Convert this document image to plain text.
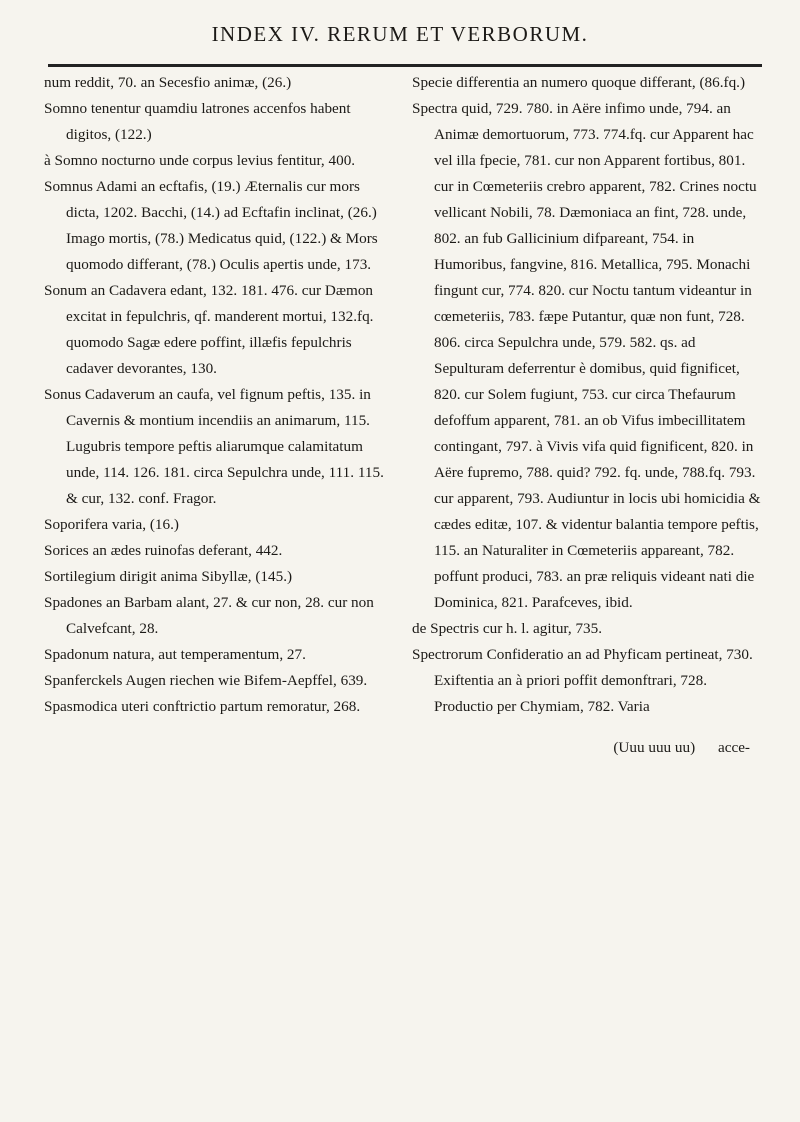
INDEX IV. RERUM ET VERBORUM.

num reddit, 70. an Secesfio animæ, (26.)

Somno tenentur quamdiu latrones accenfos habent digitos, (122.)

à Somno nocturno unde corpus levius fentitur, 400.

Somnus Adami an ecftafis, (19.) Æternalis cur mors dicta, 1202. Bacchi, (14.) ad Ecftafin inclinat, (26.) Imago mortis, (78.) Medicatus quid, (122.) & Mors quomodo differant, (78.) Oculis apertis unde, 173.

Sonum an Cadavera edant, 132. 181. 476. cur Dæmon excitat in fepulchris, qf. manderent mortui, 132.fq. quomodo Sagæ edere poffint, illæfis fepulchris cadaver devorantes, 130.

Sonus Cadaverum an caufa, vel fignum peftis, 135. in Cavernis & montium incendiis an animarum, 115. Lugubris tempore peftis aliarumque calamitatum unde, 114. 126. 181. circa Sepulchra unde, 111. 115. & cur, 132. conf. Fragor.

Soporifera varia, (16.)

Sorices an ædes ruinofas deferant, 442.

Sortilegium dirigit anima Sibyllæ, (145.)

Spadones an Barbam alant, 27. & cur non, 28. cur non Calvefcant, 28.

Spadonum natura, aut temperamentum, 27.

Spanferckels Augen riechen wie Bifem-Aepffel, 639.

Spasmodica uteri conftrictio partum remoratur, 268.

Specie differentia an numero quoque differant, (86.fq.)

Spectra quid, 729. 780. in Aëre infimo unde, 794. an Animæ demortuorum, 773. 774.fq. cur Apparent hac vel illa fpecie, 781. cur non Apparent fortibus, 801. cur in Cœmeteriis crebro apparent, 782. Crines noctu vellicant Nobili, 78. Dæmoniaca an fint, 728. unde, 802. an fub Gallicinium difpareant, 754. in Humoribus, fangvine, 816. Metallica, 795. Monachi fingunt cur, 774. 820. cur Noctu tantum videantur in cœmeteriis, 783. fæpe Putantur, quæ non funt, 728. 806. circa Sepulchra unde, 579. 582. qs. ad Sepulturam deferrentur è domibus, quid fignificet, 820. cur Solem fugiunt, 753. cur circa Thefaurum defoffum apparent, 781. an ob Vifus imbecillitatem contingant, 797. à Vivis vifa quid fignificent, 820. in Aëre fupremo, 788. quid? 792. fq. unde, 788.fq. 793. cur apparent, 793. Audiuntur in locis ubi homicidia & cædes editæ, 107. & videntur balantia tempore peftis, 115. an Naturaliter in Cœmeteriis appareant, 782. poffunt produci, 783. an præ reliquis videant nati die Dominica, 821. Parafceves, ibid.

de Spectris cur h. l. agitur, 735.

Spectrorum Confideratio an ad Phyficam pertineat, 730. Exiftentia an à priori poffit demonftrari, 728. Productio per Chymiam, 782. Varia

(Uuu uuu uu) acce-
